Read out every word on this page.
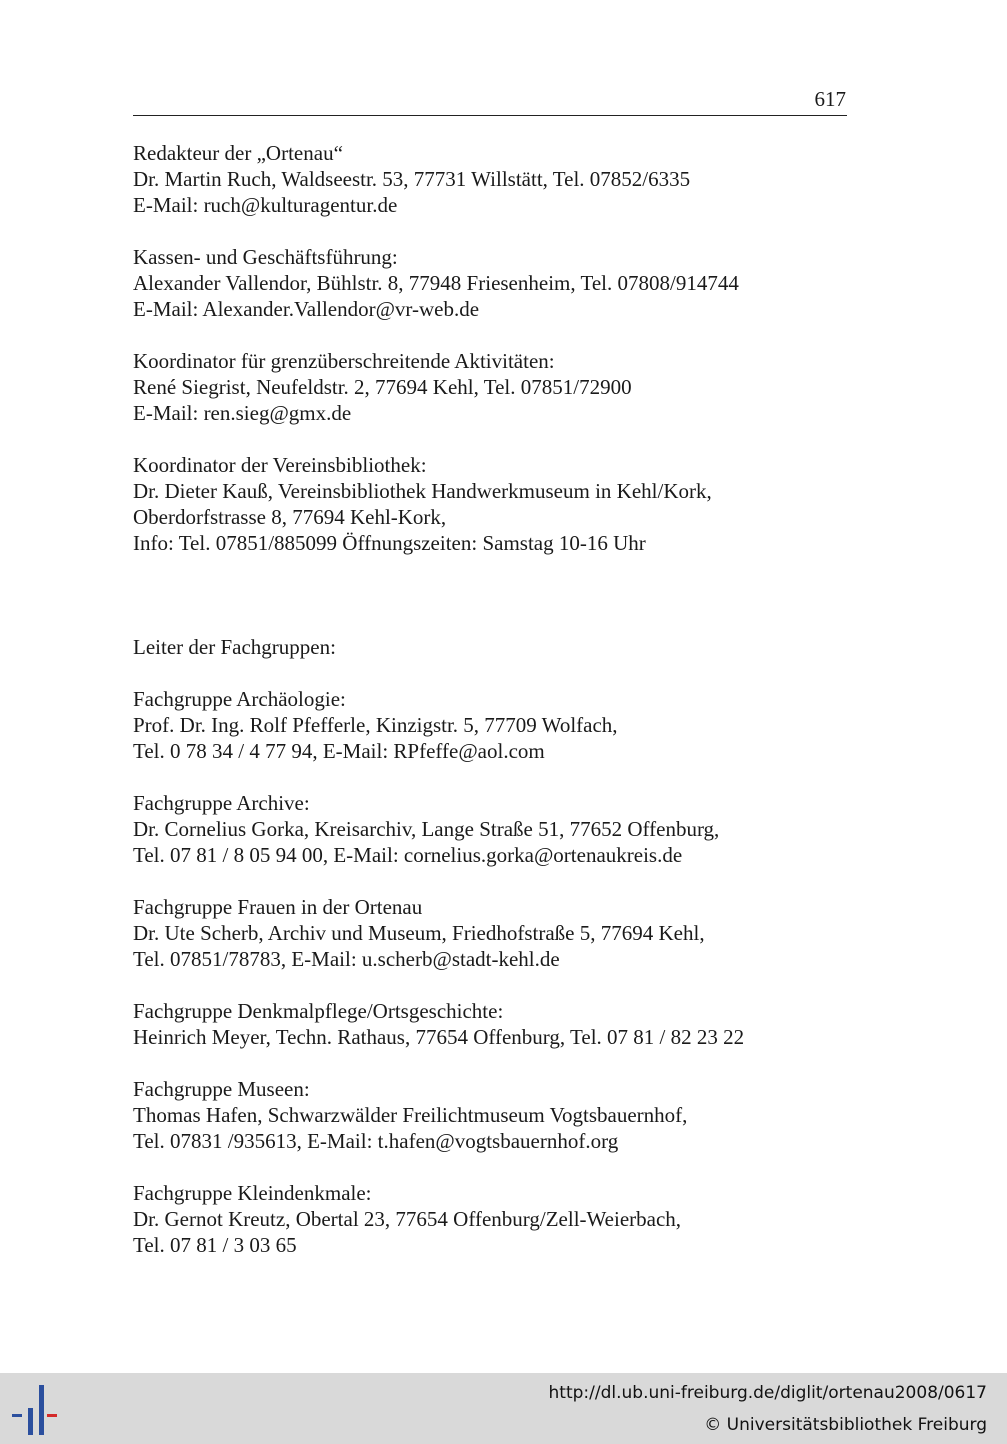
617
Redakteur der „Ortenau“
Dr. Martin Ruch, Waldseestr. 53, 77731 Willstätt, Tel. 07852/6335
E-Mail: ruch@kulturagentur.de
Kassen- und Geschäftsführung:
Alexander Vallendor, Bühlstr. 8, 77948 Friesenheim, Tel. 07808/914744
E-Mail: Alexander.Vallendor@vr-web.de
Koordinator für grenzüberschreitende Aktivitäten:
René Siegrist, Neufeldstr. 2, 77694 Kehl, Tel. 07851/72900
E-Mail: ren.sieg@gmx.de
Koordinator der Vereinsbibliothek:
Dr. Dieter Kauß, Vereinsbibliothek Handwerkmuseum in Kehl/Kork,
Oberdorfstrasse 8, 77694 Kehl-Kork,
Info: Tel. 07851/885099 Öffnungszeiten: Samstag 10-16 Uhr
Leiter der Fachgruppen:
Fachgruppe Archäologie:
Prof. Dr. Ing. Rolf Pfefferle, Kinzigstr. 5, 77709 Wolfach,
Tel. 0 78 34 / 4 77 94, E-Mail: RPfeffe@aol.com
Fachgruppe Archive:
Dr. Cornelius Gorka, Kreisarchiv, Lange Straße 51, 77652 Offenburg,
Tel. 07 81 / 8 05 94 00, E-Mail: cornelius.gorka@ortenaukreis.de
Fachgruppe Frauen in der Ortenau
Dr. Ute Scherb, Archiv und Museum, Friedhofstraße 5, 77694 Kehl,
Tel. 07851/78783, E-Mail: u.scherb@stadt-kehl.de
Fachgruppe Denkmalpflege/Ortsgeschichte:
Heinrich Meyer, Techn. Rathaus, 77654 Offenburg, Tel. 07 81 / 82 23 22
Fachgruppe Museen:
Thomas Hafen, Schwarzwälder Freilichtmuseum Vogtsbauernhof,
Tel. 07831 /935613, E-Mail: t.hafen@vogtsbauernhof.org
Fachgruppe Kleindenkmale:
Dr. Gernot Kreutz, Obertal 23, 77654 Offenburg/Zell-Weierbach,
Tel. 07 81 / 3 03 65
http://dl.ub.uni-freiburg.de/diglit/ortenau2008/0617
© Universitätsbibliothek Freiburg
